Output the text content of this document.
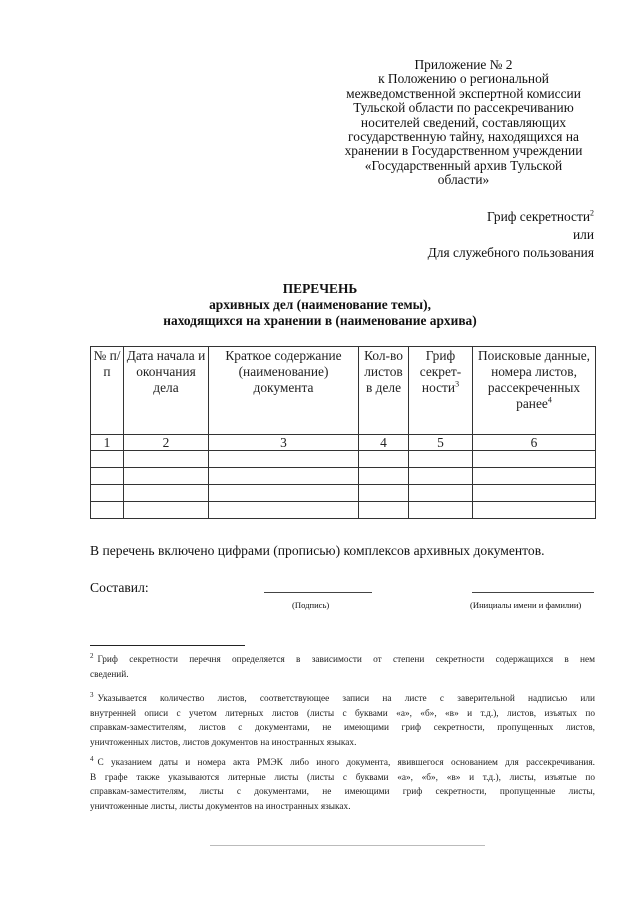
Приложение № 2
к Положению о региональной
межведомственной экспертной комиссии
Тульской области по рассекречиванию
носителей сведений, составляющих
государственную тайну, находящихся на
хранении в Государственном учреждении
«Государственный архив Тульской
области»
Гриф секретности$^2$
или
Для служебного пользования
ПЕРЕЧЕНЬ
архивных дел (наименование темы),
находящихся на хранении в (наименование архива)
№ п/п	Дата начала и окончания дела	Краткое содержание (наименование) документа	Кол-во листов в деле	Гриф секрет-ности$^3$	Поисковые данные, номера листов, рассекреченных ранее$^4$
1	2	3	4	5	6

В перечень включено цифрами (прописью) комплексов архивных документов.
Составил:
(Подпись)	(Инициалы имени и фамилии)
$^2$ Гриф секретности перечня определяется в зависимости от степени секретности содержащихся в нем
сведений.
$^3$ Указывается количество листов, соответствующее записи на листе с заверительной надписью или
внутренней описи с учетом литерных листов (листы с буквами «а», «б», «в» и т.д.), листов, изъятых по
справкам-заместителям, листов с документами, не имеющими гриф секретности, пропущенных листов,
уничтоженных листов, листов документов на иностранных языках.
$^4$ С указанием даты и номера акта РМЭК либо иного документа, явившегося основанием для рассекречивания.
В графе также указываются литерные листы (листы с буквами «а», «б», «в» и т.д.), листы, изъятые по
справкам-заместителям, листы с документами, не имеющими гриф секретности, пропущенные листы,
уничтоженные листы, листы документов на иностранных языках.
